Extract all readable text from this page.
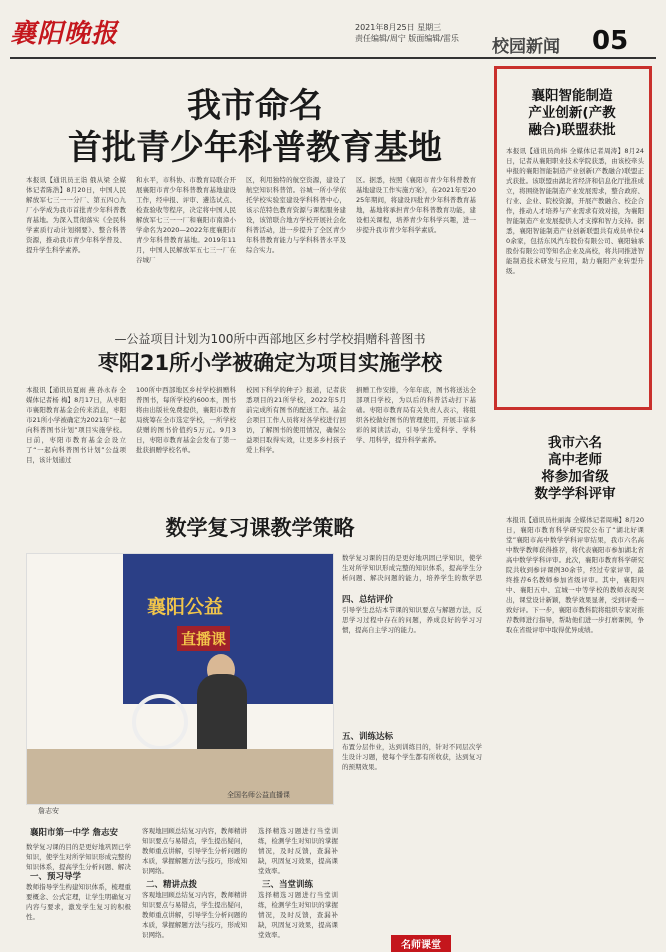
襄阳晚报	2021年8月25日 星期三
责任编辑/周宁 版面编辑/雷乐 校园新闻 05
我市命名
首批青少年科普教育基地
本报讯【通讯员王诣 俄从梁 全媒体记者陈浩】8月20日，中国人民解放军七三一一分厂、第五四○九厂小学成为我市首批青少年科普教育基地。为深入贯彻落实《全民科学素质行动计划纲要》、整合科普资源，推动我市青少年科学普及、提升学生科学素养。
和水平，市科协、市教育局联合开展襄阳市青少年科普教育基地建设工作，经申报、评审、遴选试点、检查验收等程序，决定将中国人民解放军七三一一厂和襄阳市南漳小学命名为2020—2022年度襄阳市青少年科普教育基地。2019年11月，中国人民解放军五七三一厂在谷城厂
区，利用独特的航空资源，建设了航空知识科普馆。谷城一所小学依托学校实验室建设学科科普中心，该示范特色教育资源与课程服务建设，该馆联合地方学校开展社会化科普活动，进一步提升了全区青少年科普教育能力与学科科普水平及综合实力。
区。据悉，按照《襄阳市青少年科普教育基地建设工作实施方案》，在2021年至2025年期间，将建设四批青少年科普教育基地，基地将承担青少年科普教育功能，建设相关课程，培养青少年科学兴趣，进一步提升我市青少年科学素质。
—公益项目计划为100所中西部地区乡村学校捐赠科普图书
枣阳21所小学被确定为项目实施学校
本报讯【通讯员夏雨 燕 孙永春 全媒体记者杨 梅】8月17日，从枣阳市襄阳教育基金会传来消息，枣阳市21所小学被确定为2021年“一起向科普图书计划”项目实施学校。日前，枣阳市教育基金会设立了“一起向科普图书计划”公益项目，该计划通过
100所中西部地区乡村学校捐赠科普图书，每所学校约600本，图书将由出版社免费提供，襄阳市教育局统筹在全市选定学校，一所学校获赠的图书价值约5万元。9月3日，枣阳市教育基金会发布了第一批获捐赠学校名单。
校园下科学的种子》报道，记者获悉项目的21所学校，2022年5月前完成所有图书的配送工作。基金会项目工作人员将对各学校进行回访，了解图书的使用情况，确保公益项目取得实效，让更多乡村孩子爱上科学。
捐赠工作安排，今年年底，图书将送达全部项目学校，为以后的科普活动打下基础。枣阳市教育局有关负责人表示，将组织各校做好图书的管理使用，开展丰富多彩的阅读活动，引导学生爱科学、学科学、用科学，提升科学素养。
数学复习课教学策略
襄阳公益
直播课
全国名师公益直播课
詹志安
数学复习课的目的是更好地巩固已学知识，使学生对所学知识形成完整的知识体系，提高学生分析问题、解决问题的能力，培养学生的数学思
四、总结评价
引导学生总结本节课的知识要点与解题方法，反思学习过程中存在的问题，养成良好的学习习惯，提高自主学习的能力。
五、训练达标
布置分层作业，达到训练目的，针对不同层次学生设计习题，使每个学生都有所收获，达到复习的预期效果。
襄阳市第一中学 詹志安
数学复习课的目的是更好地巩固已学知识，使学生对所学知识形成完整的知识体系，提高学生分析问题、解决
一、预习导学
教师指导学生构建知识体系，梳理重要概念、公式定理，让学生明确复习内容与要求，激发学生复习的积极性。
客观地回顾总结复习内容，教师精讲知识要点与易错点，学生提出疑问，教师重点讲解，引导学生分析问题的本质，掌握解题方法与技巧，形成知识网络。
二、精讲点拨
客观地回顾总结复习内容，教师精讲知识要点与易错点，学生提出疑问，教师重点讲解，引导学生分析问题的本质，掌握解题方法与技巧，形成知识网络。
选择精选习题进行当堂训练，检测学生对知识的掌握情况，及时反馈，查漏补缺，巩固复习效果，提高课堂效率。
三、当堂训练
选择精选习题进行当堂训练，检测学生对知识的掌握情况，及时反馈，查漏补缺，巩固复习效果，提高课堂效率。
名师课堂
襄阳智能制造
产业创新(产教
融合)联盟获批
本报讯【通讯员尚炜 全媒体记者周涛】8月24日，记者从襄阳职业技术学院获悉，由该校牵头申报的襄阳智能制造产业创新(产教融合)联盟正式获批。该联盟由湖北省经济和信息化厅批准成立，将围绕智能制造产业发展需求，整合政府、行业、企业、院校资源，开展产教融合、校企合作，推动人才培养与产业需求有效对接，为襄阳智能制造产业发展提供人才支撑和智力支持。据悉，襄阳智能制造产业创新联盟共有成员单位40余家，包括东风汽车股份有限公司、襄阳轴承股份有限公司等知名企业及高校，将共同推进智能制造技术研发与应用，助力襄阳产业转型升级。
我市六名
高中老师
将参加省级
数学学科评审
本报讯【通讯员杜丽海 全媒体记者周琳】8月20日，襄阳市教育科学研究院公布了“湖北好课堂”襄阳市高中数学学科评审结果，我市六名高中数学教师获得推荐，将代表襄阳市参加湖北省高中数学学科评审。此次，襄阳市教育科学研究院共收到参评课例30余节，经过专家评审，最终推荐6名教师参加省级评审。其中，襄阳四中、襄阳五中、宜城一中等学校的教师表现突出，课堂设计新颖，教学效果显著，受到评委一致好评。下一步，襄阳市教科院将组织专家对推荐教师进行指导，帮助他们进一步打磨课例，争取在省级评审中取得优异成绩。
